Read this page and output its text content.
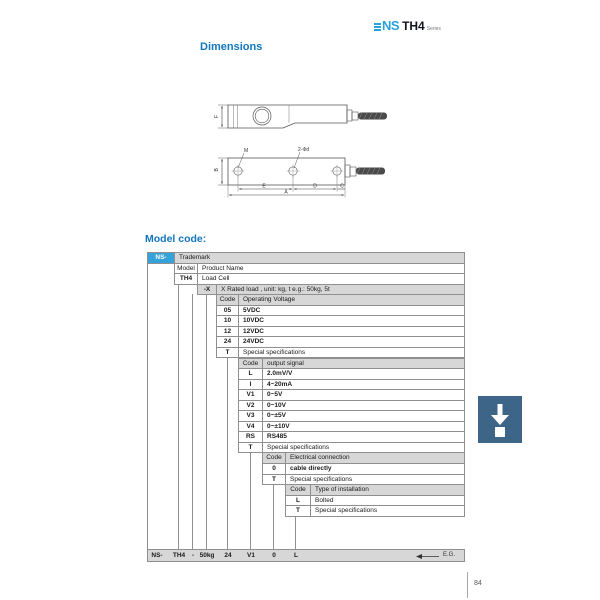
NS TH4 Series
Dimensions
F
M	2-Φd
B
E	D	C
A
Model code:
NS-	Trademark
Model	Product Name
TH4	Load Cell
-X	X Rated load , unit: kg, t e.g.: 50kg, 5t
Code	Operating Voltage
05	5VDC
10	10VDC
12	12VDC
24	24VDC
T	Special specifications
Code	output signal
L	2.0mV/V
I	4~20mA
V1	0~5V
V2	0~10V
V3	0~±5V
V4	0~±10V
RS	RS485
T	Special specifications
Code	Electrical connection
0	cable directly
T	Special specifications
Code	Type of installation
L	Bolted
T	Special specifications
E.G.
NS- TH4 - 50kg 24 V1	0	L
84
